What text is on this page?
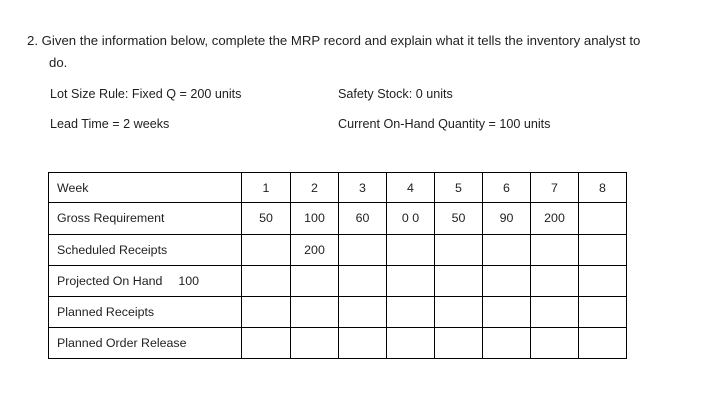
2. Given the information below, complete the MRP record and explain what it tells the inventory analyst to
do.
Lot Size Rule: Fixed Q = 200 units	Safety Stock: 0 units
Lead Time = 2 weeks	Current On-Hand Quantity = 100 units
Week	1	2	3	4	5	6	7	8
Gross Requirement	50	100	60	0 0	50	90	200	
Scheduled Receipts		200						
Projected On Hand 100								
Planned Receipts								
Planned Order Release								
